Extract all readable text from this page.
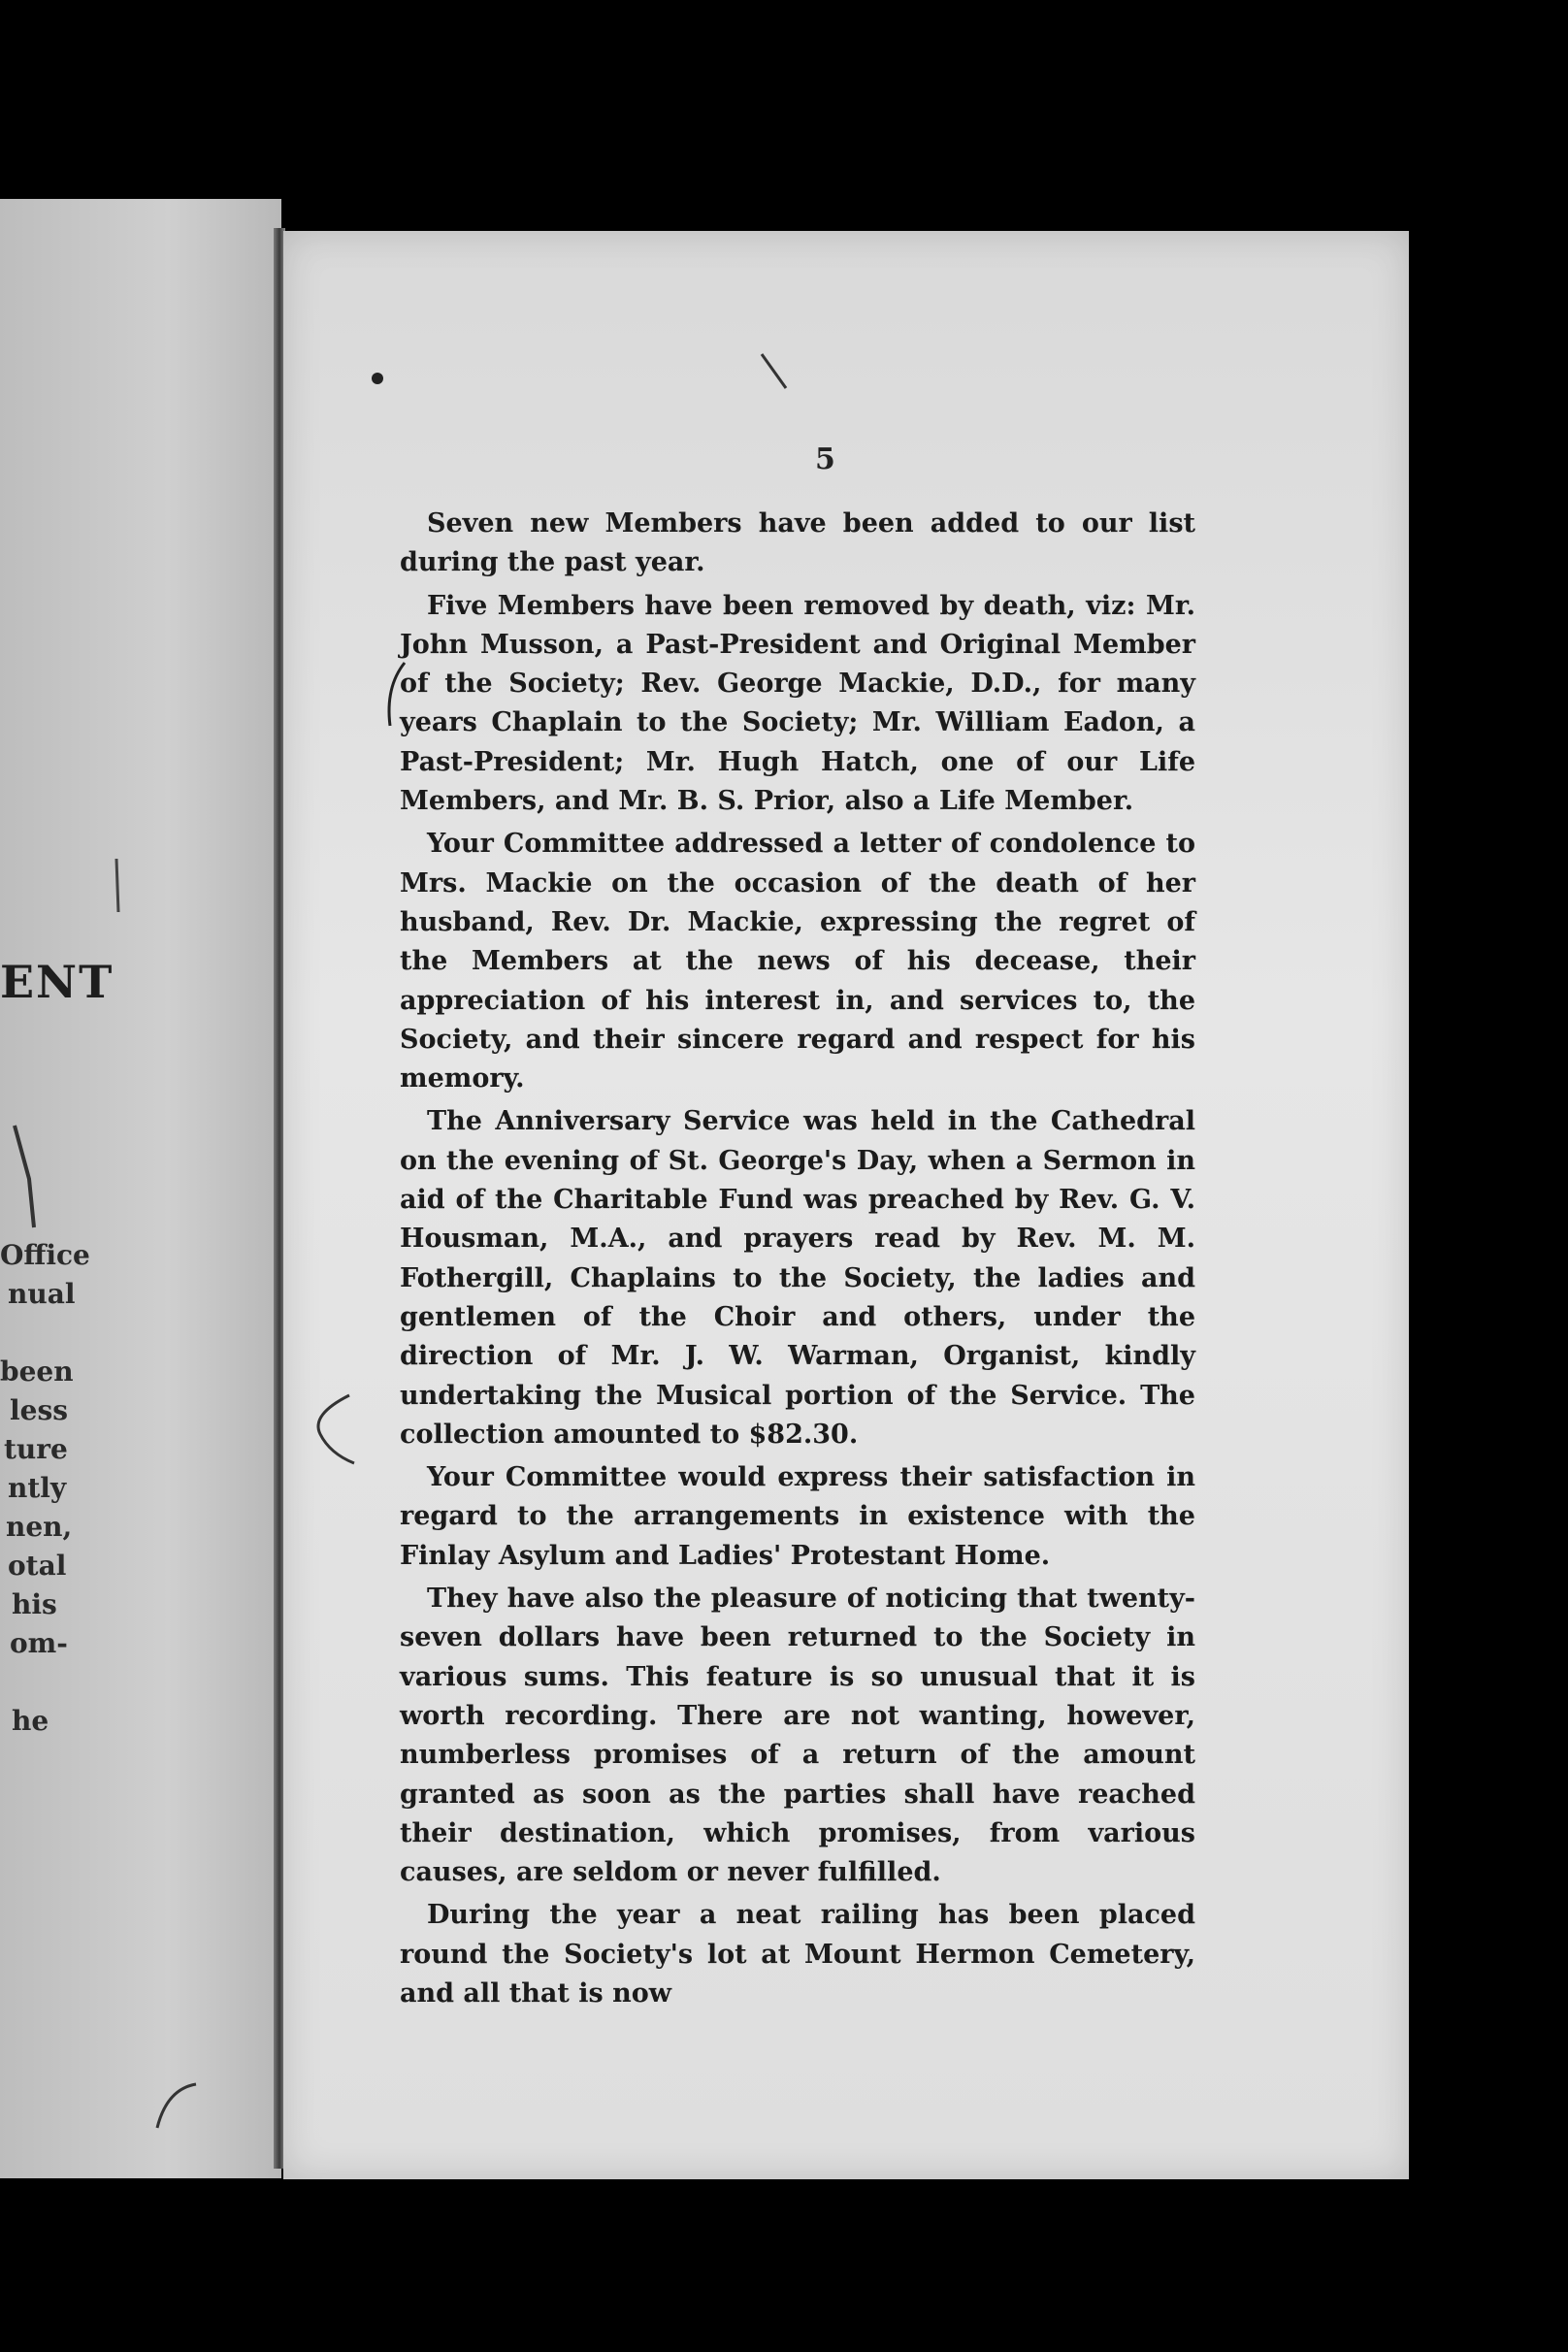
ENT
Office
nual
been
less
ture
ntly
nen,
otal
his
om-
he
5

Seven new Members have been added to our list during the past year.

Five Members have been removed by death, viz: Mr. John Musson, a Past-President and Original Member of the Society; Rev. George Mackie, D.D., for many years Chaplain to the Society; Mr. William Eadon, a Past-President; Mr. Hugh Hatch, one of our Life Members, and Mr. B. S. Prior, also a Life Member.

Your Committee addressed a letter of condolence to Mrs. Mackie on the occasion of the death of her husband, Rev. Dr. Mackie, expressing the regret of the Members at the news of his decease, their appreciation of his interest in, and services to, the Society, and their sincere regard and respect for his memory.

The Anniversary Service was held in the Cathedral on the evening of St. George's Day, when a Sermon in aid of the Charitable Fund was preached by Rev. G. V. Housman, M.A., and prayers read by Rev. M. M. Fothergill, Chaplains to the Society, the ladies and gentlemen of the Choir and others, under the direction of Mr. J. W. Warman, Organist, kindly undertaking the Musical portion of the Service. The collection amounted to $82.30.

Your Committee would express their satisfaction in regard to the arrangements in existence with the Finlay Asylum and Ladies' Protestant Home.

They have also the pleasure of noticing that twenty-seven dollars have been returned to the Society in various sums. This feature is so unusual that it is worth recording. There are not wanting, however, numberless promises of a return of the amount granted as soon as the parties shall have reached their destination, which promises, from various causes, are seldom or never fulfilled.

During the year a neat railing has been placed round the Society's lot at Mount Hermon Cemetery, and all that is now
